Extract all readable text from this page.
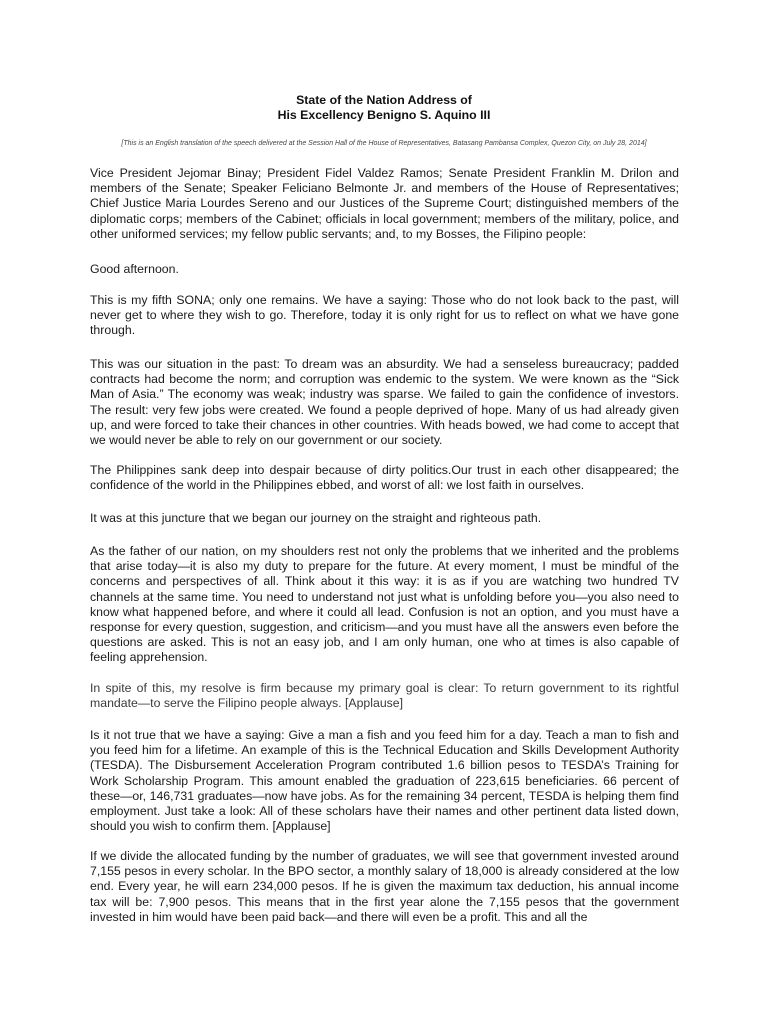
State of the Nation Address of
His Excellency Benigno S. Aquino III
[This is an English translation of the speech delivered at the Session Hall of the House of Representatives, Batasang Pambansa Complex, Quezon City, on July 28, 2014]

Vice President Jejomar Binay; President Fidel Valdez Ramos; Senate President Franklin M. Drilon and members of the Senate; Speaker Feliciano Belmonte Jr. and members of the House of Representatives; Chief Justice Maria Lourdes Sereno and our Justices of the Supreme Court; distinguished members of the diplomatic corps; members of the Cabinet; officials in local government; members of the military, police, and other uniformed services; my fellow public servants; and, to my Bosses, the Filipino people:

Good afternoon.

This is my fifth SONA; only one remains. We have a saying: Those who do not look back to the past, will never get to where they wish to go. Therefore, today it is only right for us to reflect on what we have gone through.

This was our situation in the past: To dream was an absurdity. We had a senseless bureaucracy; padded contracts had become the norm; and corruption was endemic to the system. We were known as the “Sick Man of Asia.” The economy was weak; industry was sparse. We failed to gain the confidence of investors. The result: very few jobs were created. We found a people deprived of hope. Many of us had already given up, and were forced to take their chances in other countries. With heads bowed, we had come to accept that we would never be able to rely on our government or our society.

The Philippines sank deep into despair because of dirty politics.Our trust in each other disappeared; the confidence of the world in the Philippines ebbed, and worst of all: we lost faith in ourselves.

It was at this juncture that we began our journey on the straight and righteous path.

As the father of our nation, on my shoulders rest not only the problems that we inherited and the problems that arise today—it is also my duty to prepare for the future. At every moment, I must be mindful of the concerns and perspectives of all. Think about it this way: it is as if you are watching two hundred TV channels at the same time. You need to understand not just what is unfolding before you—you also need to know what happened before, and where it could all lead. Confusion is not an option, and you must have a response for every question, suggestion, and criticism—and you must have all the answers even before the questions are asked. This is not an easy job, and I am only human, one who at times is also capable of feeling apprehension.

In spite of this, my resolve is firm because my primary goal is clear: To return government to its rightful mandate—to serve the Filipino people always. [Applause]

Is it not true that we have a saying: Give a man a fish and you feed him for a day. Teach a man to fish and you feed him for a lifetime. An example of this is the Technical Education and Skills Development Authority (TESDA). The Disbursement Acceleration Program contributed 1.6 billion pesos to TESDA’s Training for Work Scholarship Program. This amount enabled the graduation of 223,615 beneficiaries. 66 percent of these—or, 146,731 graduates—now have jobs. As for the remaining 34 percent, TESDA is helping them find employment. Just take a look: All of these scholars have their names and other pertinent data listed down, should you wish to confirm them. [Applause]

If we divide the allocated funding by the number of graduates, we will see that government invested around 7,155 pesos in every scholar. In the BPO sector, a monthly salary of 18,000 is already considered at the low end. Every year, he will earn 234,000 pesos. If he is given the maximum tax deduction, his annual income tax will be: 7,900 pesos. This means that in the first year alone the 7,155 pesos that the government invested in him would have been paid back—and there will even be a profit. This and all the
